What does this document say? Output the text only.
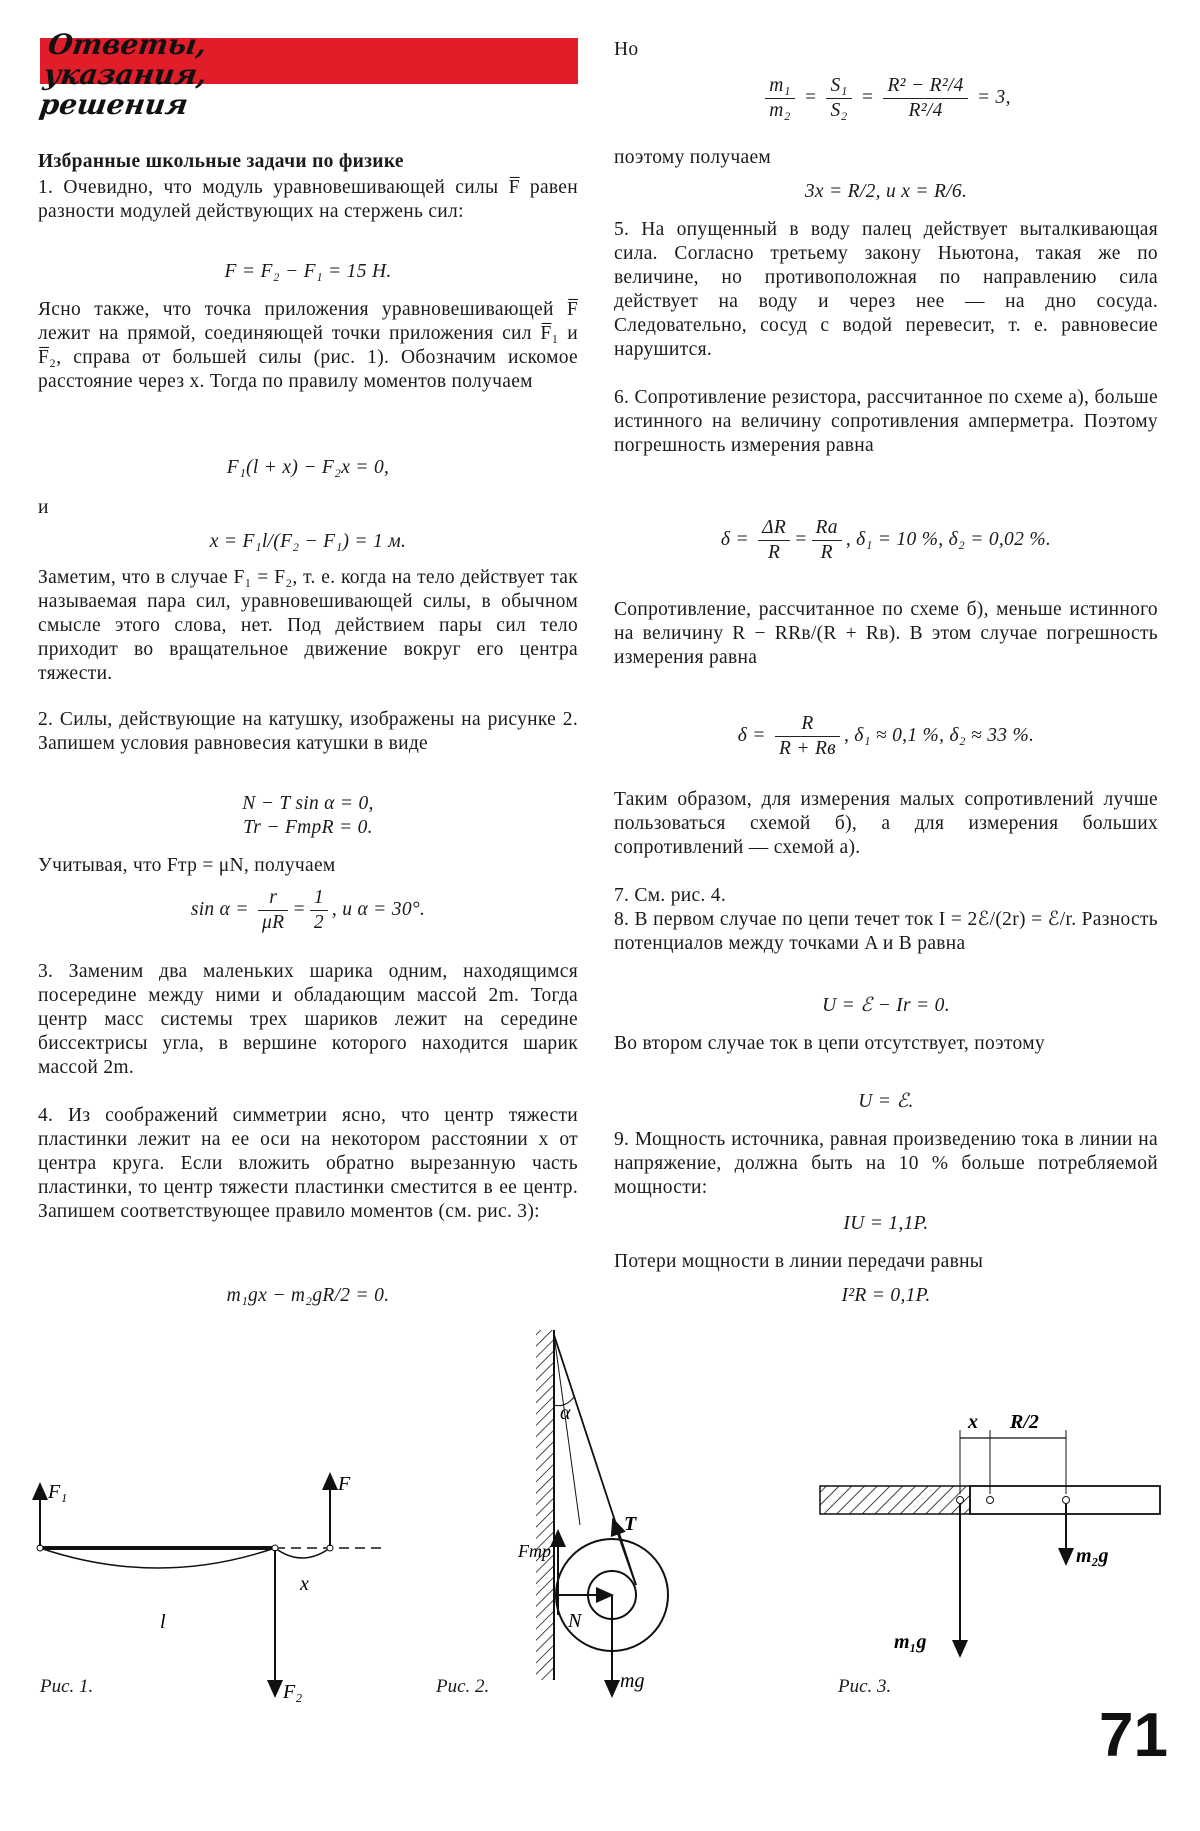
Ответы,
указания,
решения

Избранные школьные задачи по физике

1. Очевидно, что модуль уравновешивающей силы F̅ равен разности модулей действующих на стержень сил:

F = F₂ − F₁ = 15 Н.

Ясно также, что точка приложения уравновешивающей F̅ лежит на прямой, соединяющей точки приложения сил F̅₁ и F̅₂, справа от большей силы (рис. 1). Обозначим искомое расстояние через x. Тогда по правилу моментов получаем

F₁(l + x) − F₂x = 0,

и

x = F₁l/(F₂ − F₁) = 1 м.

Заметим, что в случае F₁ = F₂, т. е. когда на тело действует так называемая пара сил, уравновешивающей силы, в обычном смысле этого слова, нет. Под действием пары сил тело приходит во вращательное движение вокруг его центра тяжести.

2. Силы, действующие на катушку, изображены на рисунке 2. Запишем условия равновесия катушки в виде

N − T sin α = 0,

Tr − FтрR = 0.

Учитывая, что Fтр = μN, получаем

$\sin \alpha = \frac{r}{\mu R} = \frac{1}{2}$ , и α = 30°.

3. Заменим два маленьких шарика одним, находящимся посередине между ними и обладающим массой 2m. Тогда центр масс системы трех шариков лежит на середине биссектрисы угла, в вершине которого находится шарик массой 2m.

4. Из соображений симметрии ясно, что центр тяжести пластинки лежит на ее оси на некотором расстоянии x от центра круга. Если вложить обратно вырезанную часть пластинки, то центр тяжести пластинки сместится в ее центр. Запишем соответствующее правило моментов (см. рис. 3):

m₁gx − m₂gR/2 = 0.

Но

$\frac{\text{m₁}}{\text{m₂}} = \frac{\text{S₁}}{\text{S₂}} = \frac{\text{R² − R²/4}}{\text{R²/4}} = 3$,

поэтому получаем

3x = R/2, и x = R/6.

5. На опущенный в воду палец действует выталкивающая сила. Согласно третьему закону Ньютона, такая же по величине, но противоположная по направлению сила действует на воду и через нее — на дно сосуда. Следовательно, сосуд с водой перевесит, т. е. равновесие нарушится.

6. Сопротивление резистора, рассчитанное по схеме а), больше истинного на величину сопротивления амперметра. Поэтому погрешность измерения равна

$\delta = \frac{\Delta R}{R} = \frac{Rа}{R}$ , δ₁ = 10 %, δ₂ = 0,02 %.

Сопротивление, рассчитанное по схеме б), меньше истинного на величину R − RRв/(R + Rв). В этом случае погрешность измерения равна

$\delta = \frac{R}{R + Rв}$ , δ₁ ≈ 0,1 %, δ₂ ≈ 33 %.

Таким образом, для измерения малых сопротивлений лучше пользоваться схемой б), а для измерения больших сопротивлений — схемой а).

7. См. рис. 4.

8. В первом случае по цепи течет ток I = 2ℰ/(2r) = ℰ/r. Разность потенциалов между точками A и B равна

U = ℰ − Ir = 0.

Во втором случае ток в цепи отсутствует, поэтому

U = ℰ.

9. Мощность источника, равная произведению тока в линии на напряжение, должна быть на 10 % больше потребляемой мощности:

IU = 1,1P.

Потери мощности в линии передачи равны

I²R = 0,1P.

F₁	F
F₂
l
x
Рис. 1.
α
T
Fтр
N
mg
Рис. 2.
x R/2
m₂g
m₁g
Рис. 3.
71
